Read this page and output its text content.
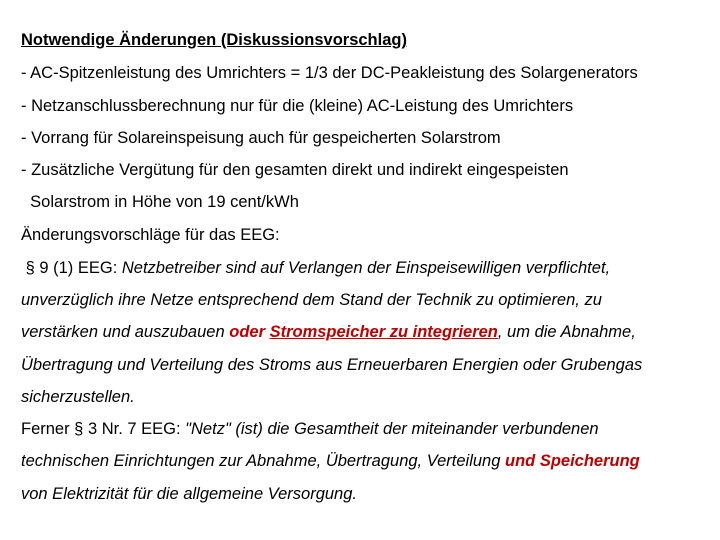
Notwendige Änderungen (Diskussionsvorschlag)
- AC-Spitzenleistung des Umrichters = 1/3 der DC-Peakleistung des Solargenerators
- Netzanschlussberechnung nur für die (kleine) AC-Leistung des Umrichters
- Vorrang für Solareinspeisung auch für gespeicherten Solarstrom
- Zusätzliche Vergütung für den gesamten direkt und indirekt eingespeisten
Solarstrom in Höhe von 19 cent/kWh
Änderungsvorschläge für das EEG:
§ 9 (1) EEG: Netzbetreiber sind auf Verlangen der Einspeisewilligen verpflichtet,
unverzüglich ihre Netze entsprechend dem Stand der Technik zu optimieren, zu
verstärken und auszubauen oder Stromspeicher zu integrieren, um die Abnahme,
Übertragung und Verteilung des Stroms aus Erneuerbaren Energien oder Grubengas
sicherzustellen.
Ferner § 3 Nr. 7 EEG: "Netz" (ist) die Gesamtheit der miteinander verbundenen
technischen Einrichtungen zur Abnahme, Übertragung, Verteilung und Speicherung
von Elektrizität für die allgemeine Versorgung.
